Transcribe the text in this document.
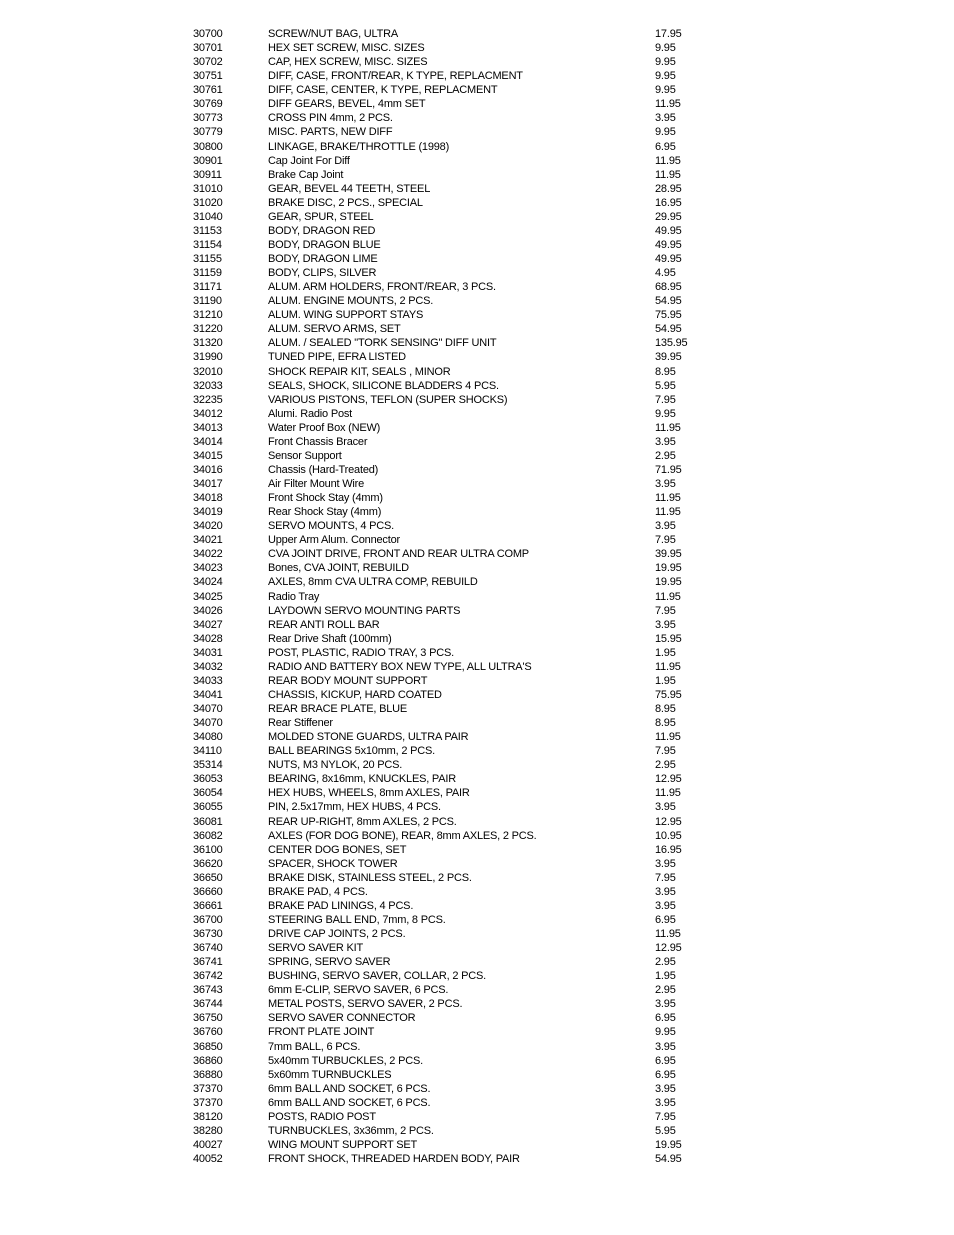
30700	SCREW/NUT BAG, ULTRA	17.95
30701	HEX SET SCREW, MISC. SIZES	9.95
30702	CAP, HEX SCREW, MISC. SIZES	9.95
30751	DIFF, CASE, FRONT/REAR, K TYPE, REPLACMENT	9.95
30761	DIFF, CASE, CENTER, K TYPE, REPLACMENT	9.95
30769	DIFF GEARS, BEVEL, 4mm SET	11.95
30773	CROSS PIN 4mm, 2 PCS.	3.95
30779	MISC. PARTS, NEW DIFF	9.95
30800	LINKAGE, BRAKE/THROTTLE (1998)	6.95
30901	Cap Joint For Diff	11.95
30911	Brake Cap Joint	11.95
31010	GEAR, BEVEL 44 TEETH, STEEL	28.95
31020	BRAKE DISC, 2 PCS., SPECIAL	16.95
31040	GEAR, SPUR, STEEL	29.95
31153	BODY, DRAGON RED	49.95
31154	BODY, DRAGON BLUE	49.95
31155	BODY, DRAGON LIME	49.95
31159	BODY, CLIPS, SILVER	4.95
31171	ALUM. ARM HOLDERS, FRONT/REAR, 3 PCS.	68.95
31190	ALUM. ENGINE MOUNTS, 2 PCS.	54.95
31210	ALUM. WING SUPPORT STAYS	75.95
31220	ALUM. SERVO ARMS, SET	54.95
31320	ALUM. / SEALED "TORK SENSING" DIFF UNIT	135.95
31990	TUNED PIPE, EFRA LISTED	39.95
32010	SHOCK REPAIR KIT, SEALS , MINOR	8.95
32033	SEALS, SHOCK, SILICONE BLADDERS 4 PCS.	5.95
32235	VARIOUS PISTONS, TEFLON (SUPER SHOCKS)	7.95
34012	Alumi. Radio Post	9.95
34013	Water Proof Box (NEW)	11.95
34014	Front Chassis Bracer	3.95
34015	Sensor Support	2.95
34016	Chassis (Hard-Treated)	71.95
34017	Air Filter Mount Wire	3.95
34018	Front Shock Stay (4mm)	11.95
34019	Rear Shock Stay (4mm)	11.95
34020	SERVO MOUNTS, 4 PCS.	3.95
34021	Upper Arm Alum. Connector	7.95
34022	CVA JOINT DRIVE, FRONT AND REAR ULTRA COMP	39.95
34023	Bones, CVA JOINT, REBUILD	19.95
34024	AXLES, 8mm CVA ULTRA COMP, REBUILD	19.95
34025	Radio Tray	11.95
34026	LAYDOWN SERVO MOUNTING PARTS	7.95
34027	REAR ANTI ROLL BAR	3.95
34028	Rear Drive Shaft (100mm)	15.95
34031	POST, PLASTIC, RADIO TRAY, 3 PCS.	1.95
34032	RADIO AND BATTERY BOX NEW TYPE, ALL ULTRA'S	11.95
34033	REAR BODY MOUNT SUPPORT	1.95
34041	CHASSIS, KICKUP, HARD COATED	75.95
34070	REAR BRACE PLATE, BLUE	8.95
34070	Rear Stiffener	8.95
34080	MOLDED STONE GUARDS, ULTRA PAIR	11.95
34110	BALL BEARINGS 5x10mm, 2 PCS.	7.95
35314	NUTS, M3 NYLOK, 20 PCS.	2.95
36053	BEARING, 8x16mm, KNUCKLES, PAIR	12.95
36054	HEX HUBS, WHEELS, 8mm AXLES, PAIR	11.95
36055	PIN, 2.5x17mm, HEX HUBS, 4 PCS.	3.95
36081	REAR UP-RIGHT, 8mm AXLES, 2 PCS.	12.95
36082	AXLES (FOR DOG BONE), REAR, 8mm AXLES, 2 PCS.	10.95
36100	CENTER DOG BONES, SET	16.95
36620	SPACER, SHOCK TOWER	3.95
36650	BRAKE DISK, STAINLESS STEEL, 2 PCS.	7.95
36660	BRAKE PAD, 4 PCS.	3.95
36661	BRAKE PAD LININGS, 4 PCS.	3.95
36700	STEERING BALL END, 7mm, 8 PCS.	6.95
36730	DRIVE CAP JOINTS, 2 PCS.	11.95
36740	SERVO SAVER KIT	12.95
36741	SPRING, SERVO SAVER	2.95
36742	BUSHING, SERVO SAVER, COLLAR, 2 PCS.	1.95
36743	6mm E-CLIP, SERVO SAVER, 6 PCS.	2.95
36744	METAL POSTS, SERVO SAVER, 2 PCS.	3.95
36750	SERVO SAVER CONNECTOR	6.95
36760	FRONT PLATE JOINT	9.95
36850	7mm BALL, 6 PCS.	3.95
36860	5x40mm TURBUCKLES, 2 PCS.	6.95
36880	5x60mm TURNBUCKLES	6.95
37370	6mm BALL AND SOCKET, 6 PCS.	3.95
37370	6mm BALL AND SOCKET, 6 PCS.	3.95
38120	POSTS, RADIO POST	7.95
38280	TURNBUCKLES, 3x36mm, 2 PCS.	5.95
40027	WING MOUNT SUPPORT SET	19.95
40052	FRONT SHOCK, THREADED HARDEN BODY, PAIR	54.95
